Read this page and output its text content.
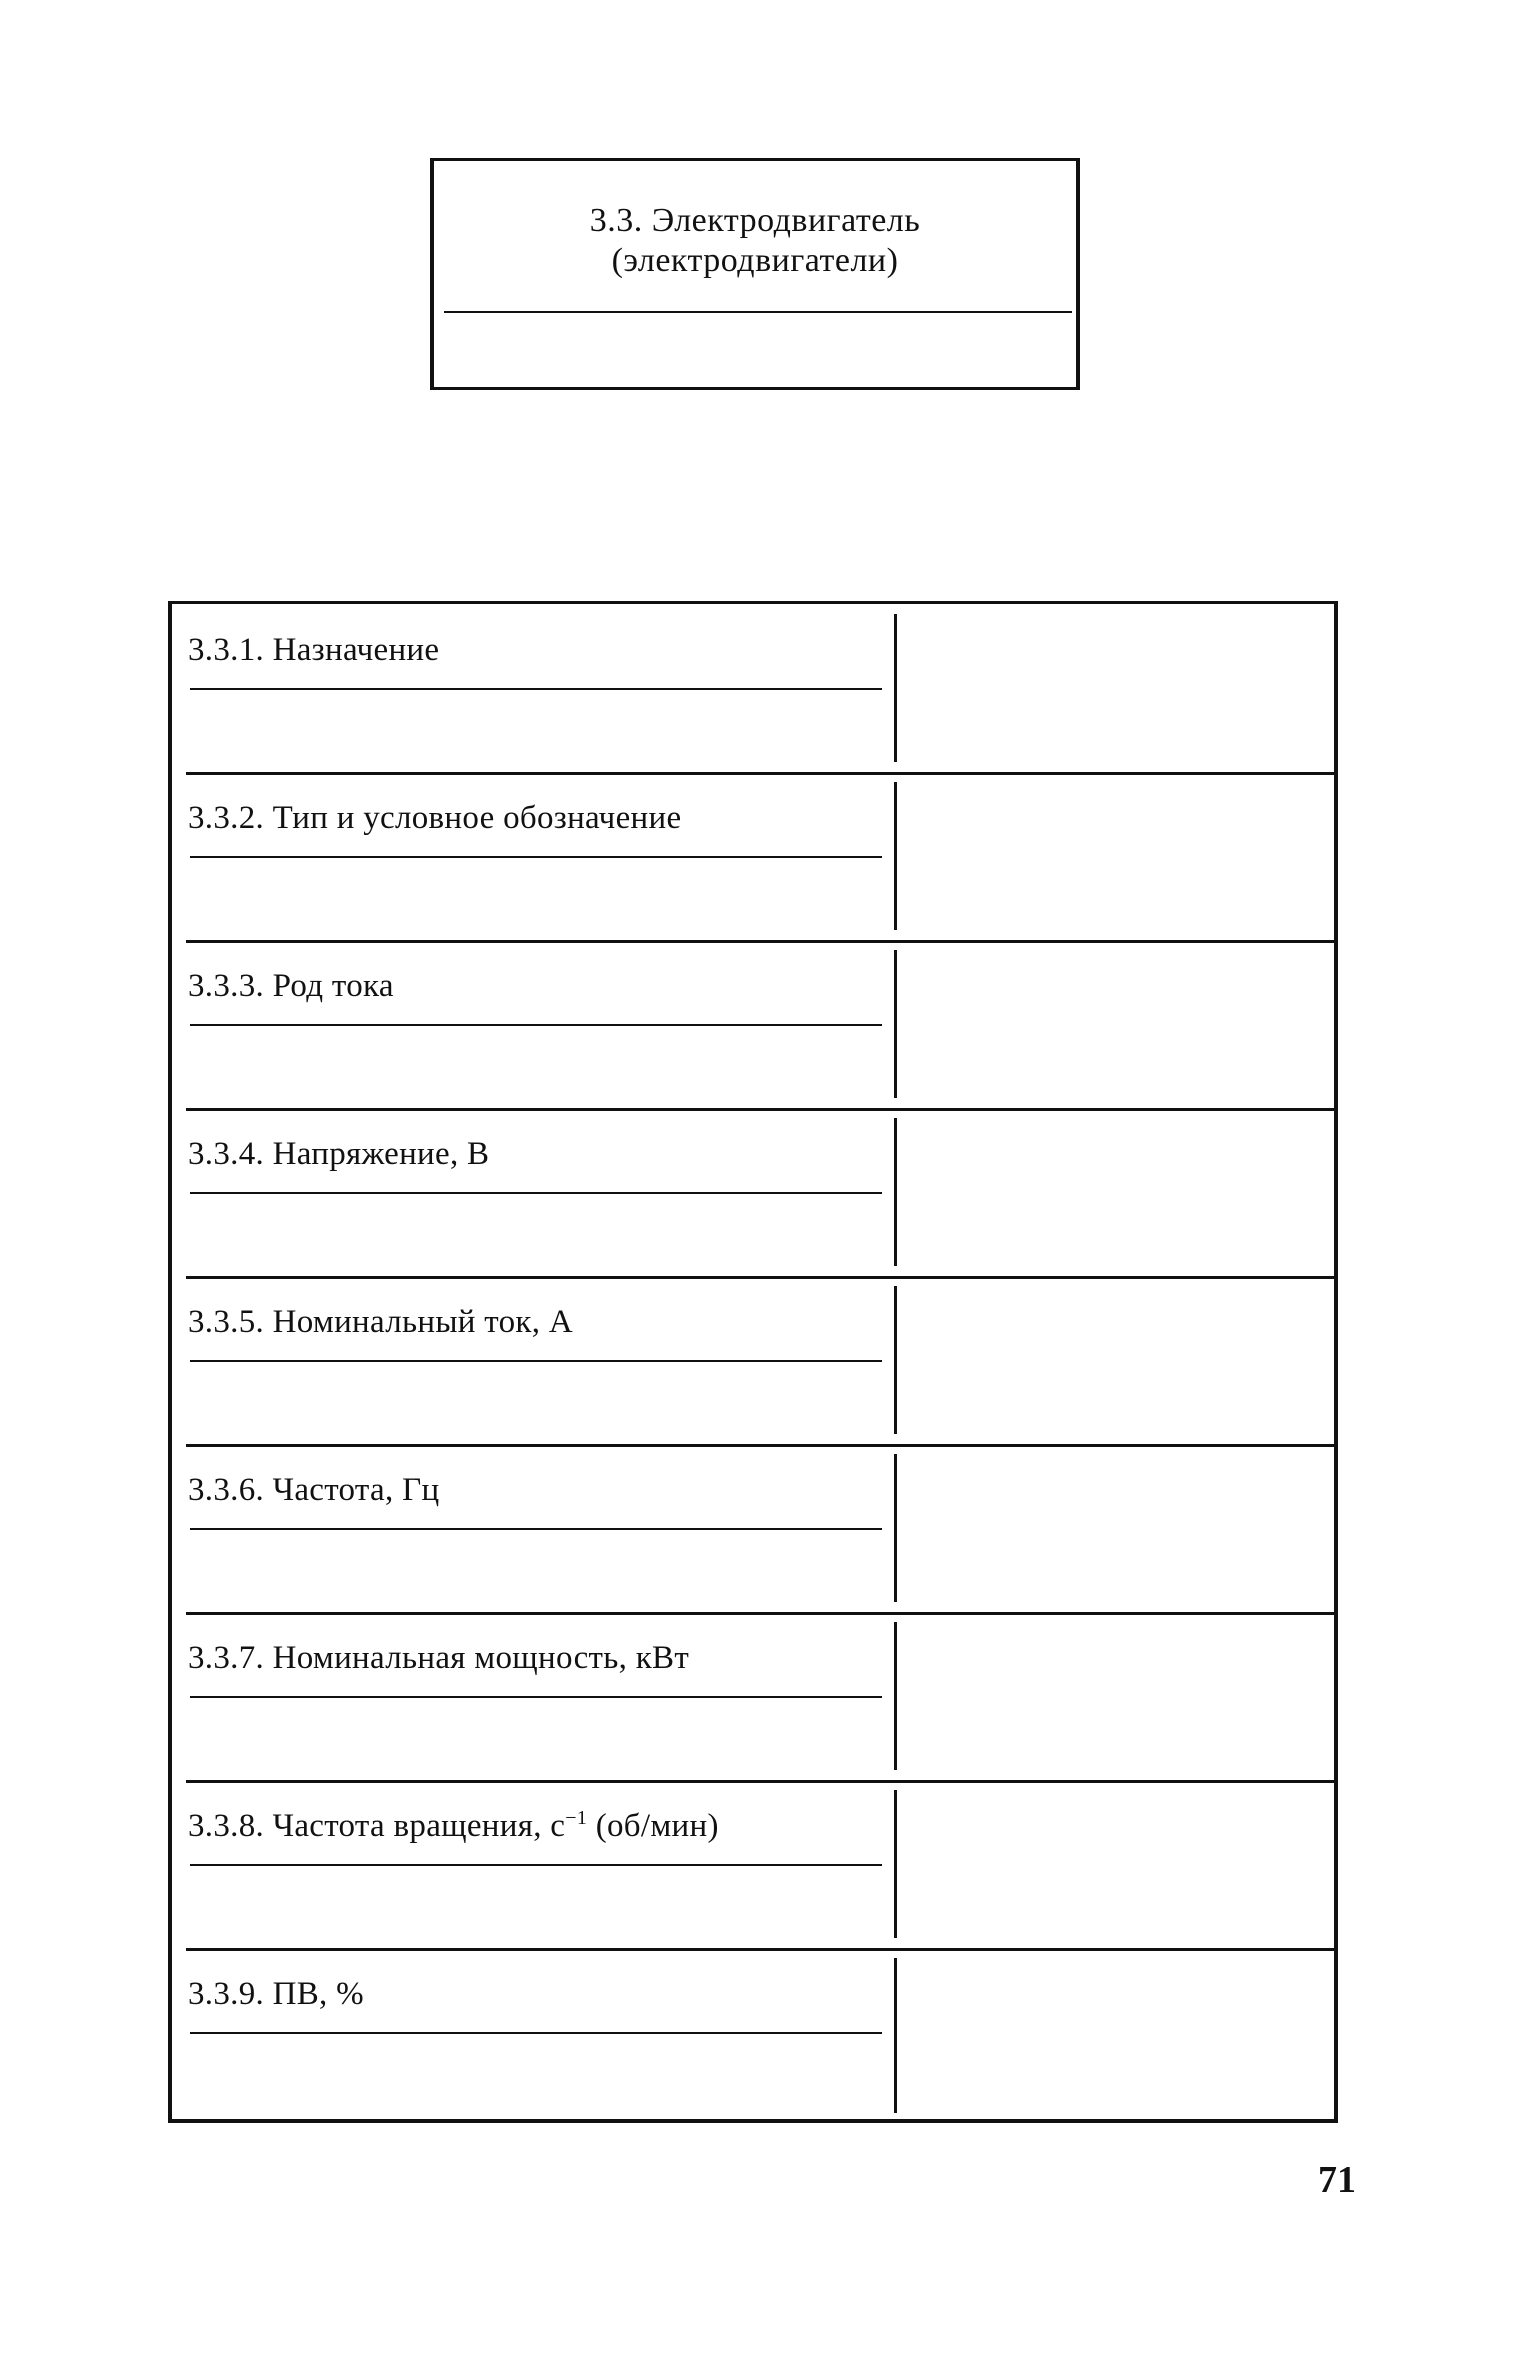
3.3. Электродвигатель
(электродвигатели)
3.3.1. Назначение
3.3.2. Тип и условное обозначение
3.3.3. Род тока
3.3.4. Напряжение, В
3.3.5. Номинальный ток, А
3.3.6. Частота, Гц
3.3.7. Номинальная мощность, кВт
3.3.8. Частота вращения, $с^{-1}$ (об/мин)
3.3.9. ПВ, %
71
